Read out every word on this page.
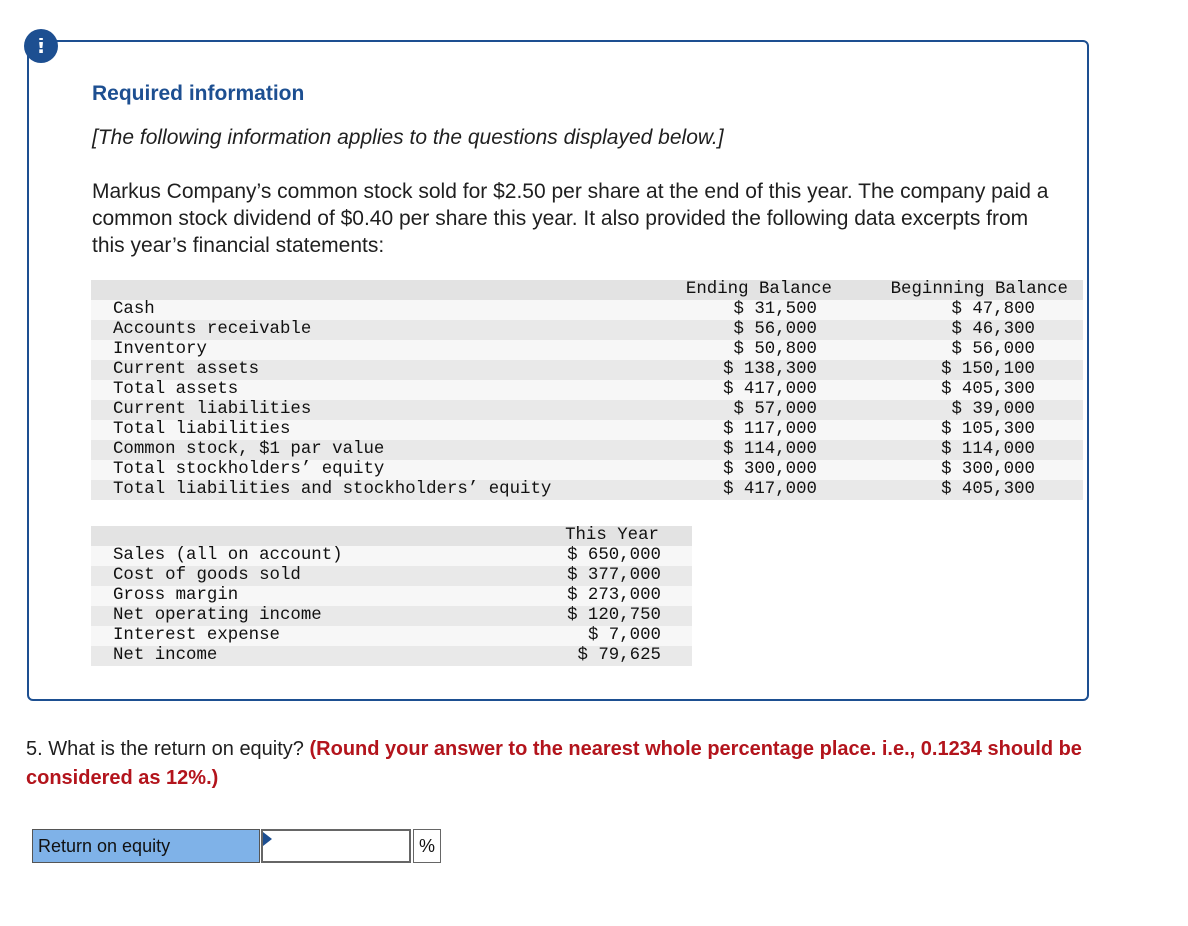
!

Required information

[The following information applies to the questions displayed below.]

Markus Company’s common stock sold for $2.50 per share at the end of this year. The company paid a common stock dividend of $0.40 per share this year. It also provided the following data excerpts from this year’s financial statements:

	Ending Balance	Beginning Balance
Cash	$ 31,500	$ 47,800
Accounts receivable	$ 56,000	$ 46,300
Inventory	$ 50,800	$ 56,000
Current assets	$ 138,300	$ 150,100
Total assets	$ 417,000	$ 405,300
Current liabilities	$ 57,000	$ 39,000
Total liabilities	$ 117,000	$ 105,300
Common stock, $1 par value	$ 114,000	$ 114,000
Total stockholders’ equity	$ 300,000	$ 300,000
Total liabilities and stockholders’ equity	$ 417,000	$ 405,300
	This Year
Sales (all on account)	$ 650,000
Cost of goods sold	$ 377,000
Gross margin	$ 273,000
Net operating income	$ 120,750
Interest expense	$ 7,000
Net income	$ 79,625

5. What is the return on equity? (Round your answer to the nearest whole percentage place. i.e., 0.1234 should be considered as 12%.)

Return on equity	%
